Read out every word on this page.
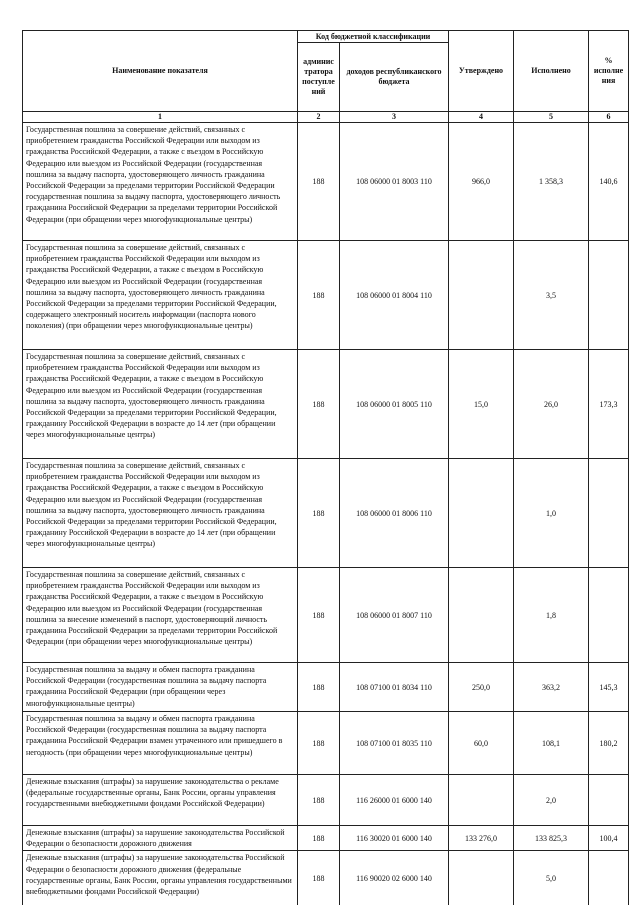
Наименование показателя	Код бюджетной классификации		Утверждено	Исполнено	% исполне ния
	админис тратора поступле ний	доходов республиканского бюджета			
1	2	3	4	5	6
Государственная пошлина за совершение действий, связанных с приобретением гражданства Российской Федерации или выходом из гражданства Российской Федерации, а также с въездом в Российскую Федерацию или выездом из Российской Федерации (государственная пошлина за выдачу паспорта, удостоверяющего личность гражданина Российской Федерации за пределами территории Российской Федерации государственная пошлина за выдачу паспорта, удостоверяющего личность гражданина Российской Федерации за пределами территории Российской Федерации (при обращении через многофункциональные центры)	188	108 06000 01 8003 110	966,0	1 358,3	140,6
Государственная пошлина за совершение действий, связанных с приобретением гражданства Российской Федерации или выходом из гражданства Российской Федерации, а также с въездом в Российскую Федерацию или выездом из Российской Федерации (государственная пошлина за выдачу паспорта, удостоверяющего личность гражданина Российской Федерации за пределами территории Российской Федерации, содержащего электронный носитель информации (паспорта нового поколения) (при обращении через многофункциональные центры)	188	108 06000 01 8004 110		3,5	
Государственная пошлина за совершение действий, связанных с приобретением гражданства Российской Федерации или выходом из гражданства Российской Федерации, а также с въездом в Российскую Федерацию или выездом из Российской Федерации (государственная пошлина за выдачу паспорта, удостоверяющего личность гражданина Российской Федерации за пределами территории Российской Федерации, гражданину Российской Федерации в возрасте до 14 лет (при обращении через многофункциональные центры)	188	108 06000 01 8005 110	15,0	26,0	173,3
Государственная пошлина за совершение действий, связанных с приобретением гражданства Российской Федерации или выходом из гражданства Российской Федерации, а также с въездом в Российскую Федерацию или выездом из Российской Федерации (государственная пошлина за выдачу паспорта, удостоверяющего личность гражданина Российской Федерации за пределами территории Российской Федерации, гражданину Российской Федерации в возрасте до 14 лет (при обращении через многофункциональные центры)	188	108 06000 01 8006 110		1,0	
Государственная пошлина за совершение действий, связанных с приобретением гражданства Российской Федерации или выходом из гражданства Российской Федерации, а также с въездом в Российскую Федерацию или выездом из Российской Федерации (государственная пошлина за внесение изменений в паспорт, удостоверяющий личность гражданина Российской Федерации за пределами территории Российской Федерации (при обращении через многофункциональные центры)	188	108 06000 01 8007 110		1,8	
Государственная пошлина за выдачу и обмен паспорта гражданина Российской Федерации (государственная пошлина за выдачу паспорта гражданина Российской Федерации (при обращении через многофункциональные центры)	188	108 07100 01 8034 110	250,0	363,2	145,3
Государственная пошлина за выдачу и обмен паспорта гражданина Российской Федерации (государственная пошлина за выдачу паспорта гражданина Российской Федерации взамен утраченного или пришедшего в негодность (при обращении через многофункциональные центры)	188	108 07100 01 8035 110	60,0	108,1	180,2
Денежные взыскания (штрафы) за нарушение законодательства о рекламе (федеральные государственные органы, Банк России, органы управления государственными внебюджетными фондами Российской Федерации)	188	116 26000 01 6000 140		2,0	
Денежные взыскания (штрафы) за нарушение законодательства Российской Федерации о безопасности дорожного движения	188	116 30020 01 6000 140	133 276,0	133 825,3	100,4
Денежные взыскания (штрафы) за нарушение законодательства Российской Федерации о безопасности дорожного движения (федеральные государственные органы, Банк России, органы управления государственными внебюджетными фондами Российской Федерации)	188	116 90020 02 6000 140		5,0	
